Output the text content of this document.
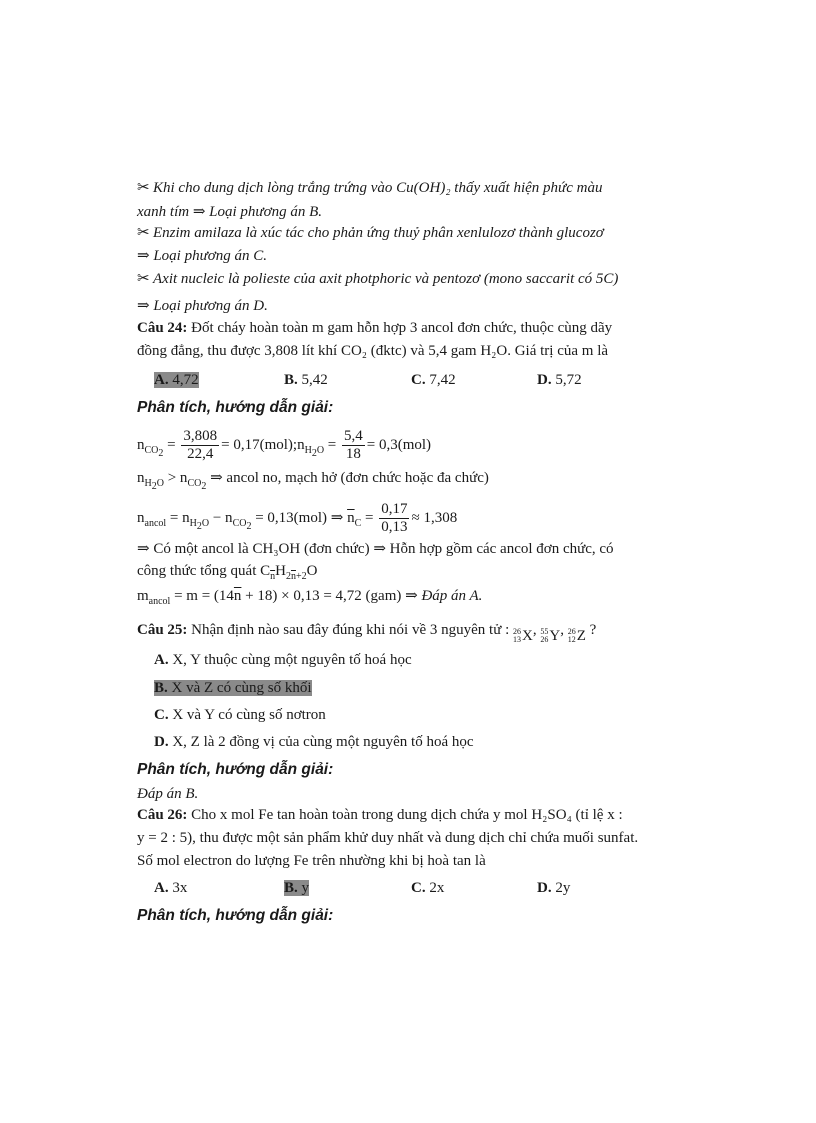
✂ Khi cho dung dịch lòng trắng trứng vào Cu(OH)₂ thấy xuất hiện phức màu
xanh tím ⇒ Loại phương án B.
✂ Enzim amilaza là xúc tác cho phản ứng thuỷ phân xenlulozơ thành glucozơ
⇒ Loại phương án C.
✂ Axit nucleic là polieste của axit photphoric và pentozơ (mono saccarit có 5C)
⇒ Loại phương án D.
Câu 24: Đốt cháy hoàn toàn m gam hỗn hợp 3 ancol đơn chức, thuộc cùng dãy
đồng đẳng, thu được 3,808 lít khí CO₂ (đktc) và 5,4 gam H₂O. Giá trị của m là
A. 4,72	B. 5,42	C. 7,42	D. 5,72
Phân tích, hướng dẫn giải:
$n_{CO_2} = \frac{3,808}{22,4}$ = $0,17(mol);n_{H_2O} = \frac{5,4}{18} = 0,3(mol)$
$n_{H_2O} > n_{CO_2}$ ⇒ ancol no, mạch hở (đơn chức hoặc đa chức)
$n_{ancol} = n_{H_2O} - n_{CO_2} = 0,13(mol)$ ⇒ $\overline{n}_C = \frac{0,17}{0,13} \approx 1,308$
⇒ Có một ancol là CH₃OH (đơn chức) ⇒ Hỗn hợp gồm các ancol đơn chức, có
công thức tổng quát $C_{\overline{n}}H_{2\overline{n}+2}O$
$m_{ancol} = m = (14\overline{n} + 18) \times 0,13 = 4,72$ (gam) ⇒ Đáp án A.
Câu 25: Nhận định nào sau đây đúng khi nói về 3 nguyên tử : 26
13 X, 55
26 Y, 26
12 Z ?
A. X, Y thuộc cùng một nguyên tố hoá học
B. X và Z có cùng số khối
C. X và Y có cùng số nơtron
D. X, Z là 2 đồng vị của cùng một nguyên tố hoá học
Phân tích, hướng dẫn giải:
Đáp án B.
Câu 26: Cho x mol Fe tan hoàn toàn trong dung dịch chứa y mol H₂SO₄ (tỉ lệ x :
y = 2 : 5), thu được một sản phẩm khử duy nhất và dung dịch chỉ chứa muối sunfat.
Số mol electron do lượng Fe trên nhường khi bị hoà tan là
A. 3x	B. y	C. 2x	D. 2y
Phân tích, hướng dẫn giải:
